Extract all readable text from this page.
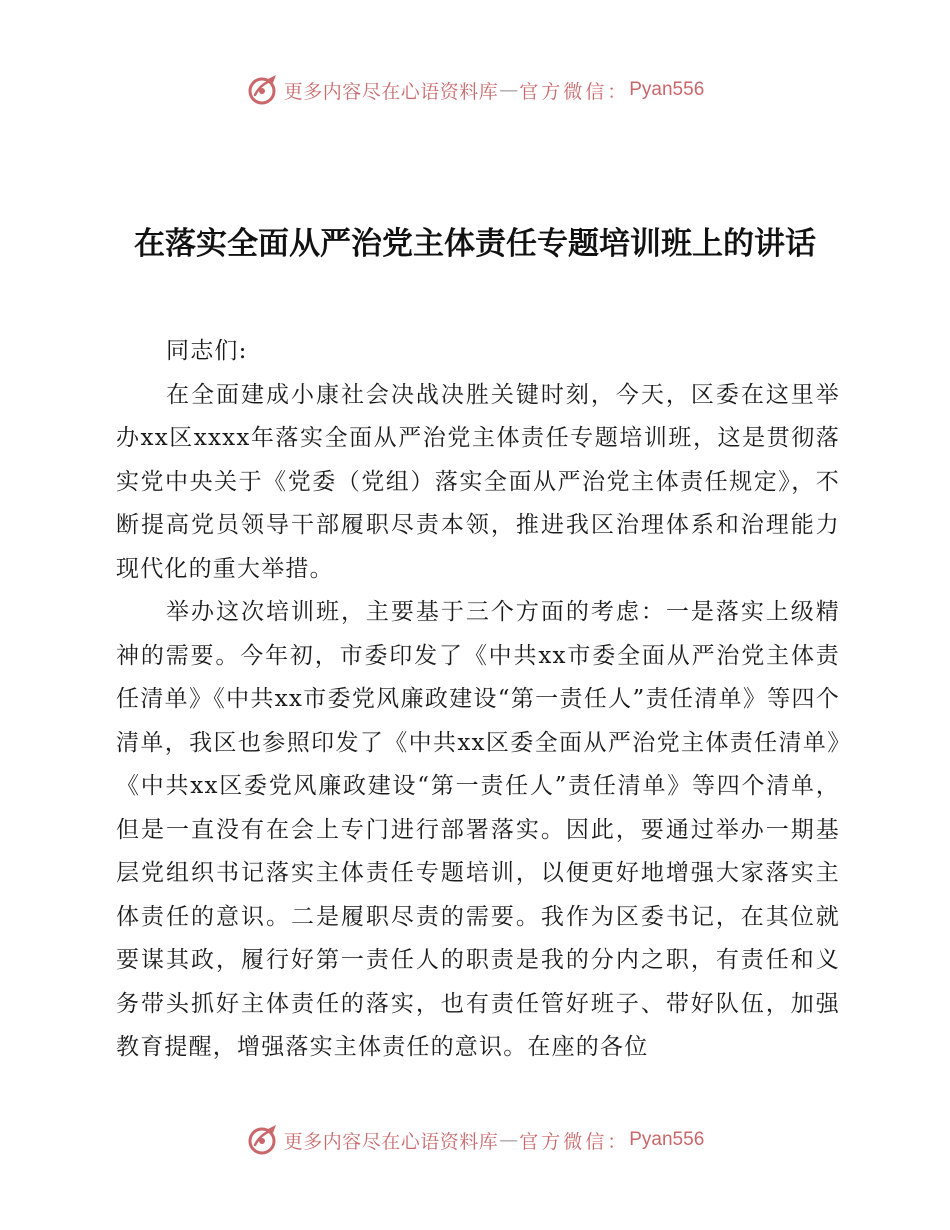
更多内容尽在心语资料库 — 官方微信： Pyan556
在落实全面从严治党主体责任专题培训班上的讲话

同志们:

在全面建成小康社会决战决胜关键时刻，今天，区委在这里举办xx区xxxx年落实全面从严治党主体责任专题培训班，这是贯彻落实党中央关于《党委（党组）落实全面从严治党主体责任规定》，不断提高党员领导干部履职尽责本领，推进我区治理体系和治理能力现代化的重大举措。

举办这次培训班，主要基于三个方面的考虑：一是落实上级精神的需要。今年初，市委印发了《中共xx市委全面从严治党主体责任清单》《中共xx市委党风廉政建设“第一责任人”责任清单》等四个清单，我区也参照印发了《中共xx区委全面从严治党主体责任清单》《中共xx区委党风廉政建设“第一责任人”责任清单》等四个清单，但是一直没有在会上专门进行部署落实。因此，要通过举办一期基层党组织书记落实主体责任专题培训，以便更好地增强大家落实主体责任的意识。二是履职尽责的需要。我作为区委书记，在其位就要谋其政，履行好第一责任人的职责是我的分内之职，有责任和义务带头抓好主体责任的落实，也有责任管好班子、带好队伍，加强教育提醒，增强落实主体责任的意识。在座的各位

更多内容尽在心语资料库 — 官方微信： Pyan556
